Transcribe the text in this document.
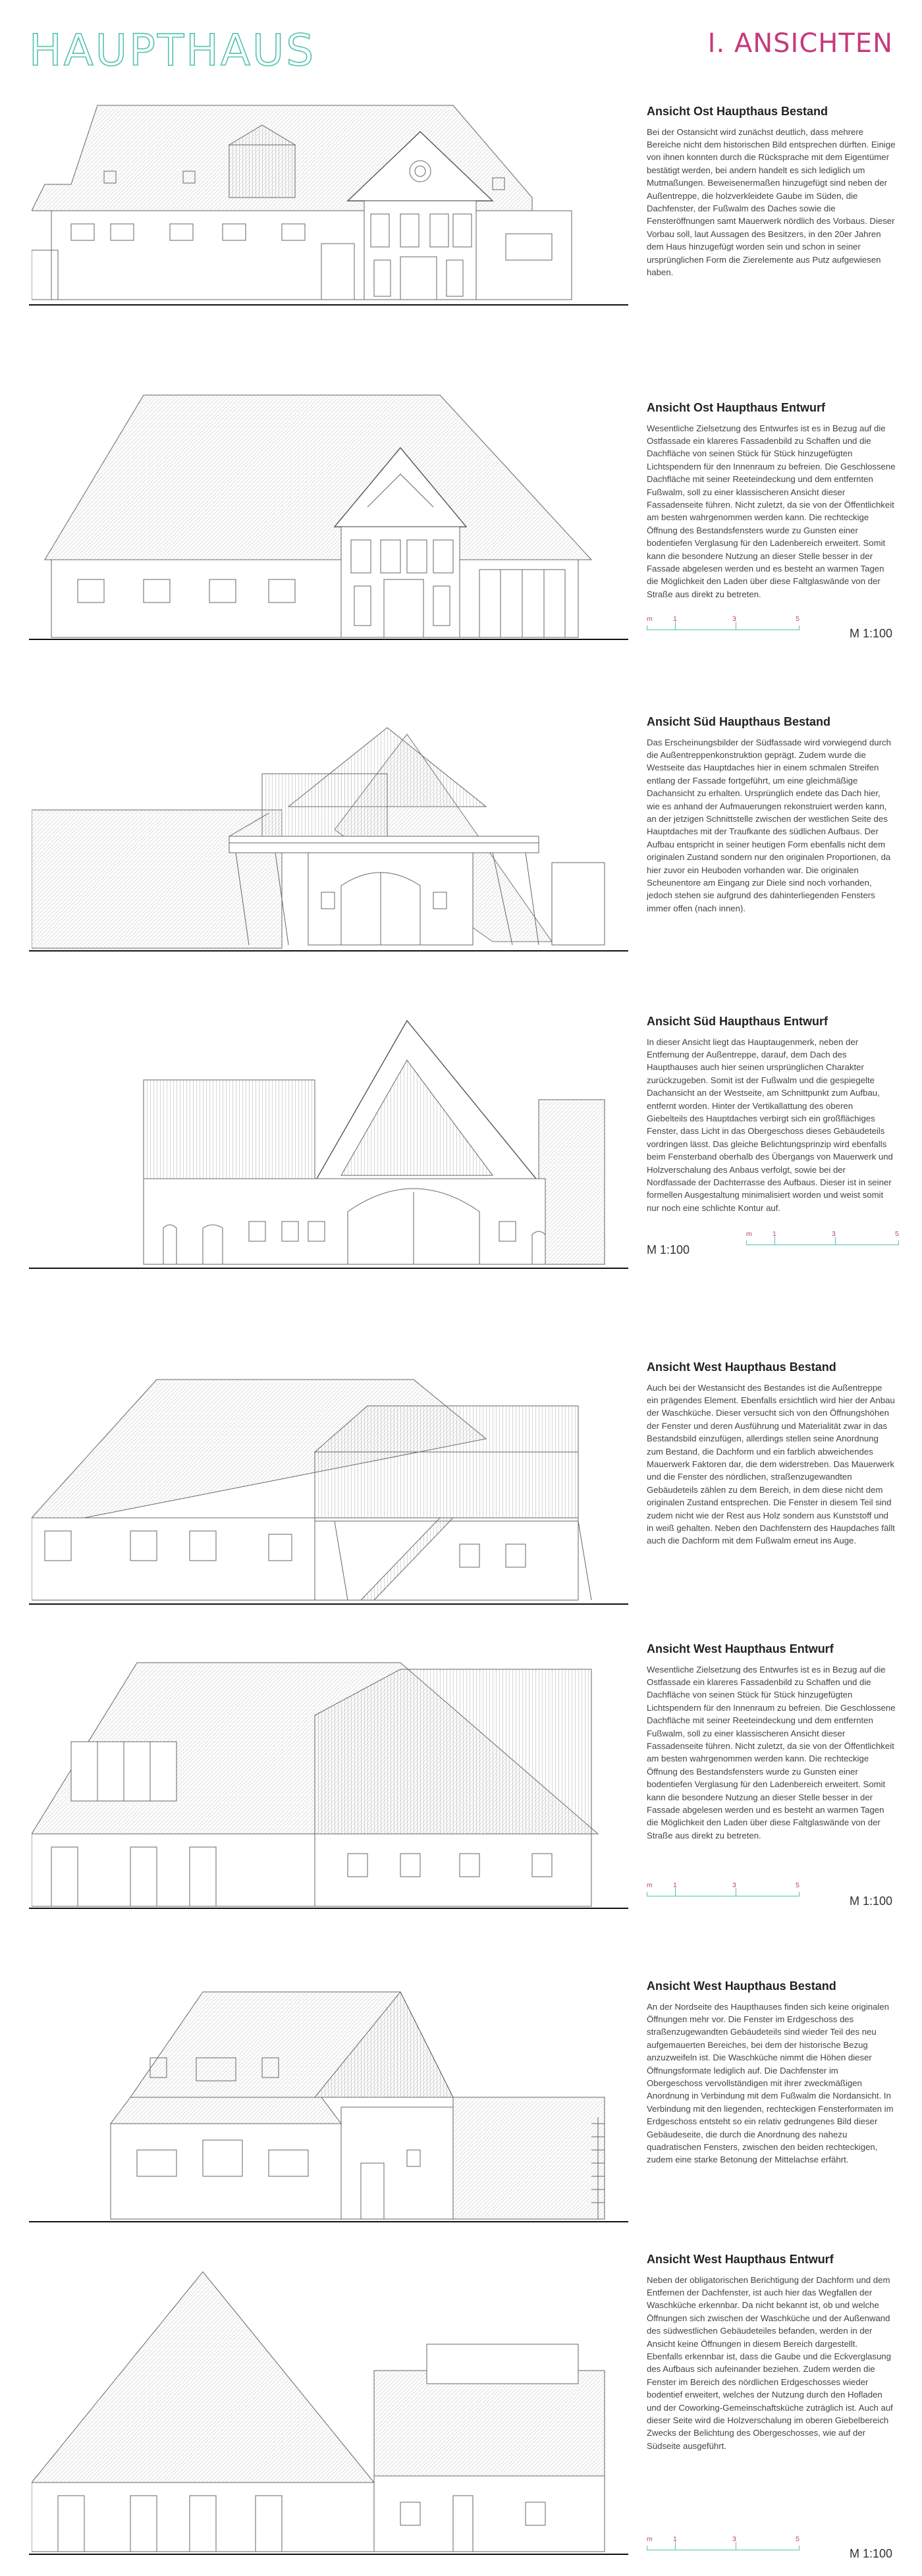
HAUPTHAUS	I. ANSICHTEN
Ansicht Ost Haupthaus Bestand

Bei der Ostansicht wird zunächst deutlich, dass mehrere Bereiche nicht dem historischen Bild entsprechen dürften. Einige von ihnen konnten durch die Rücksprache mit dem Eigentümer bestätigt werden, bei andern handelt es sich lediglich um Mutmaßungen. Beweisenermaßen hinzugefügt sind neben der Außentreppe, die holzverkleidete Gaube im Süden, die Dachfenster, der Fußwalm des Daches sowie die Fensteröffnungen samt Mauerwerk nördlich des Vorbaus. Dieser Vorbau soll, laut Aussagen des Besitzers, in den 20er Jahren dem Haus hinzugefügt worden sein und schon in seiner ursprünglichen Form die Zierelemente aus Putz aufgewiesen haben.

Ansicht Ost Haupthaus Entwurf

Wesentliche Zielsetzung des Entwurfes ist es in Bezug auf die Ostfassade ein klareres Fassadenbild zu Schaffen und die Dachfläche von seinen Stück für Stück hinzugefügten Lichtspendern für den Innenraum zu befreien. Die Geschlossene Dachfläche mit seiner Reeteindeckung und dem entfernten Fußwalm, soll zu einer klassischeren Ansicht dieser Fassadenseite führen. Nicht zuletzt, da sie von der Öffentlichkeit am besten wahrgenommen werden kann. Die rechteckige Öffnung des Bestandsfensters wurde zu Gunsten einer bodentiefen Verglasung für den Ladenbereich erweitert. Somit kann die besondere Nutzung an dieser Stelle besser in der Fassade abgelesen werden und es besteht an warmen Tagen die Möglichkeit den Laden über diese Faltglaswände von der Straße aus direkt zu betreten.

m	1	3	5
M 1:100
Ansicht Süd Haupthaus Bestand

Das Erscheinungsbilder der Südfassade wird vorwiegend durch die Außentreppenkonstruktion geprägt. Zudem wurde die Westseite das Hauptdaches hier in einem schmalen Streifen entlang der Fassade fortgeführt, um eine gleichmäßige Dachansicht zu erhalten. Ursprünglich endete das Dach hier, wie es anhand der Aufmauerungen rekonstruiert werden kann, an der jetzigen Schnittstelle zwischen der westlichen Seite des Hauptdaches mit der Traufkante des südlichen Aufbaus. Der Aufbau entspricht in seiner heutigen Form ebenfalls nicht dem originalen Zustand sondern nur den originalen Proportionen, da hier zuvor ein Heuboden vorhanden war. Die originalen Scheunentore am Eingang zur Diele sind noch vorhanden, jedoch stehen sie aufgrund des dahinterliegenden Fensters immer offen (nach innen).

Ansicht Süd Haupthaus Entwurf

In dieser Ansicht liegt das Hauptaugenmerk, neben der Entfernung der Außentreppe, darauf, dem Dach des Haupthauses auch hier seinen ursprünglichen Charakter zurückzugeben. Somit ist der Fußwalm und die gespiegelte Dachansicht an der Westseite, am Schnittpunkt zum Aufbau, entfernt worden. Hinter der Vertikallattung des oberen Giebelteils des Hauptdaches verbirgt sich ein großflächiges Fenster, dass Licht in das Obergeschoss dieses Gebäudeteils vordringen lässt. Das gleiche Belichtungsprinzip wird ebenfalls beim Fensterband oberhalb des Übergangs von Mauerwerk und Holzverschalung des Anbaus verfolgt, sowie bei der Nordfassade der Dachterrasse des Aufbaus. Dieser ist in seiner formellen Ausgestaltung minimalisiert worden und weist somit nur noch eine schlichte Kontur auf.

m	1	3	5
M 1:100
Ansicht West Haupthaus Bestand

Auch bei der Westansicht des Bestandes ist die Außentreppe ein prägendes Element. Ebenfalls ersichtlich wird hier der Anbau der Waschküche. Dieser versucht sich von den Öffnungshöhen der Fenster und deren Ausführung und Materialität zwar in das Bestandsbild einzufügen, allerdings stellen seine Anordnung zum Bestand, die Dachform und ein farblich abweichendes Mauerwerk Faktoren dar, die dem widerstreben. Das Mauerwerk und die Fenster des nördlichen, straßenzugewandten Gebäudeteils zählen zu dem Bereich, in dem diese nicht dem originalen Zustand entsprechen. Die Fenster in diesem Teil sind zudem nicht wie der Rest aus Holz sondern aus Kunststoff und in weiß gehalten. Neben den Dachfenstern des Haupdaches fällt auch die Dachform mit dem Fußwalm erneut ins Auge.

Ansicht West Haupthaus Entwurf

Wesentliche Zielsetzung des Entwurfes ist es in Bezug auf die Ostfassade ein klareres Fassadenbild zu Schaffen und die Dachfläche von seinen Stück für Stück hinzugefügten Lichtspendern für den Innenraum zu befreien. Die Geschlossene Dachfläche mit seiner Reeteindeckung und dem entfernten Fußwalm, soll zu einer klassischeren Ansicht dieser Fassadenseite führen. Nicht zuletzt, da sie von der Öffentlichkeit am besten wahrgenommen werden kann. Die rechteckige Öffnung des Bestandsfensters wurde zu Gunsten einer bodentiefen Verglasung für den Ladenbereich erweitert. Somit kann die besondere Nutzung an dieser Stelle besser in der Fassade abgelesen werden und es besteht an warmen Tagen die Möglichkeit den Laden über diese Faltglaswände von der Straße aus direkt zu betreten.

m	1	3	5
M 1:100
Ansicht West Haupthaus Bestand

An der Nordseite des Haupthauses finden sich keine originalen Öffnungen mehr vor. Die Fenster im Erdgeschoss des straßenzugewandten Gebäudeteils sind wieder Teil des neu aufgemauerten Bereiches, bei dem der historische Bezug anzuzweifeln ist. Die Waschküche nimmt die Höhen dieser Öffnungsformate lediglich auf. Die Dachfenster im Obergeschoss vervollständigen mit ihrer zweckmäßigen Anordnung in Verbindung mit dem Fußwalm die Nordansicht. In Verbindung mit den liegenden, rechteckigen Fensterformaten im Erdgeschoss entsteht so ein relativ gedrungenes Bild dieser Gebäudeseite, die durch die Anordnung des nahezu quadratischen Fensters, zwischen den beiden rechteckigen, zudem eine starke Betonung der Mittelachse erfährt.

Ansicht West Haupthaus Entwurf

Neben der obligatorischen Berichtigung der Dachform und dem Entfernen der Dachfenster, ist auch hier das Wegfallen der Waschküche erkennbar. Da nicht bekannt ist, ob und welche Öffnungen sich zwischen der Waschküche und der Außenwand des südwestlichen Gebäudeteiles befanden, werden in der Ansicht keine Öffnungen in diesem Bereich dargestellt. Ebenfalls erkennbar ist, dass die Gaube und die Eckverglasung des Aufbaus sich aufeinander beziehen. Zudem werden die Fenster im Bereich des nördlichen Erdgeschosses wieder bodentief erweitert, welches der Nutzung durch den Hofladen und der Coworking-Gemeinschaftsküche zuträglich ist. Auch auf dieser Seite wird die Holzverschalung im oberen Giebelbereich Zwecks der Belichtung des Obergeschosses, wie auf der Südseite ausgeführt.

m	1	3	5
M 1:100
